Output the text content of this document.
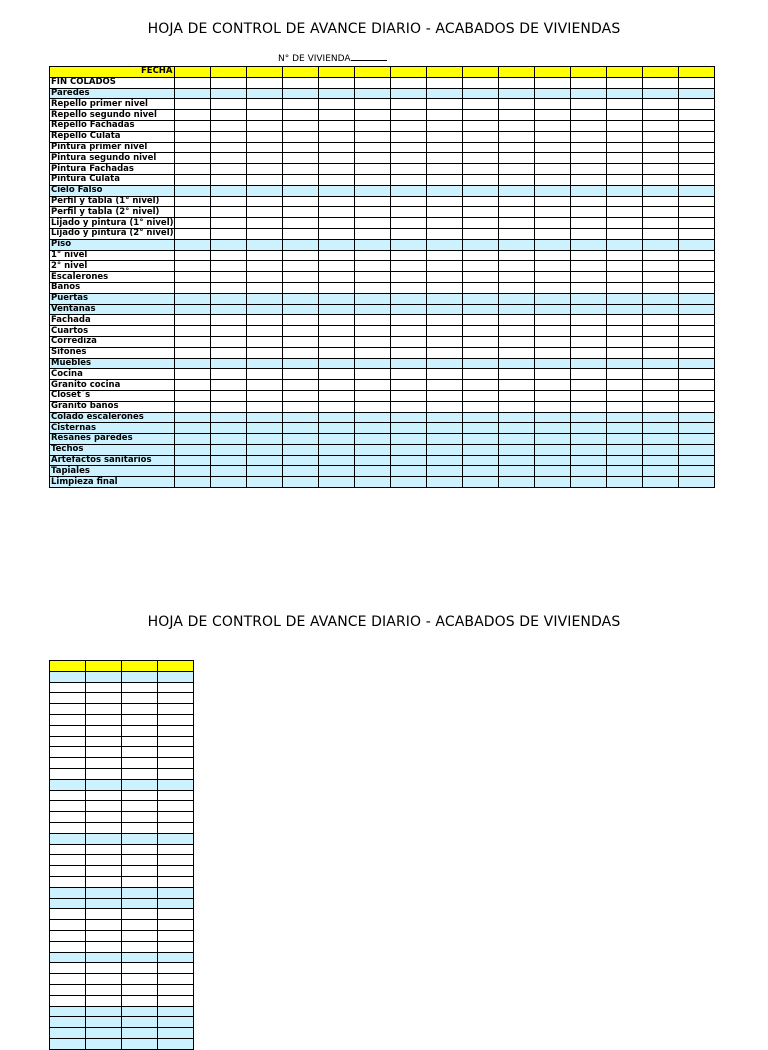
HOJA DE CONTROL DE AVANCE DIARIO - ACABADOS DE VIVIENDAS
N° DE VIVIENDA
FECHA															
FIN COLADOS															
Paredes															
Repello primer nivel															
Repello segundo nivel															
Repello Fachadas															
Repello Culata															
Pintura primer nivel															
Pintura segundo nivel															
Pintura Fachadas															
Pintura Culata															
Cielo Falso															
Perfil y tabla (1° nivel)															
Perfil y tabla (2° nivel)															
Lijado y pintura (1° nivel)															
Lijado y pintura (2° nivel)															
Piso															
1° nivel															
2° nivel															
Escalerones															
Baños															
Puertas															
Ventanas															
Fachada															
Cuartos															
Corrediza															
Sifones															
Muebles															
Cocina															
Granito cocina															
Closet´s															
Granito baños															
Colado escalerones															
Cisternas															
Resanes paredes															
Techos															
Artefactos sanitarios															
Tapiales															
Limpieza final															
HOJA DE CONTROL DE AVANCE DIARIO - ACABADOS DE VIVIENDAS
